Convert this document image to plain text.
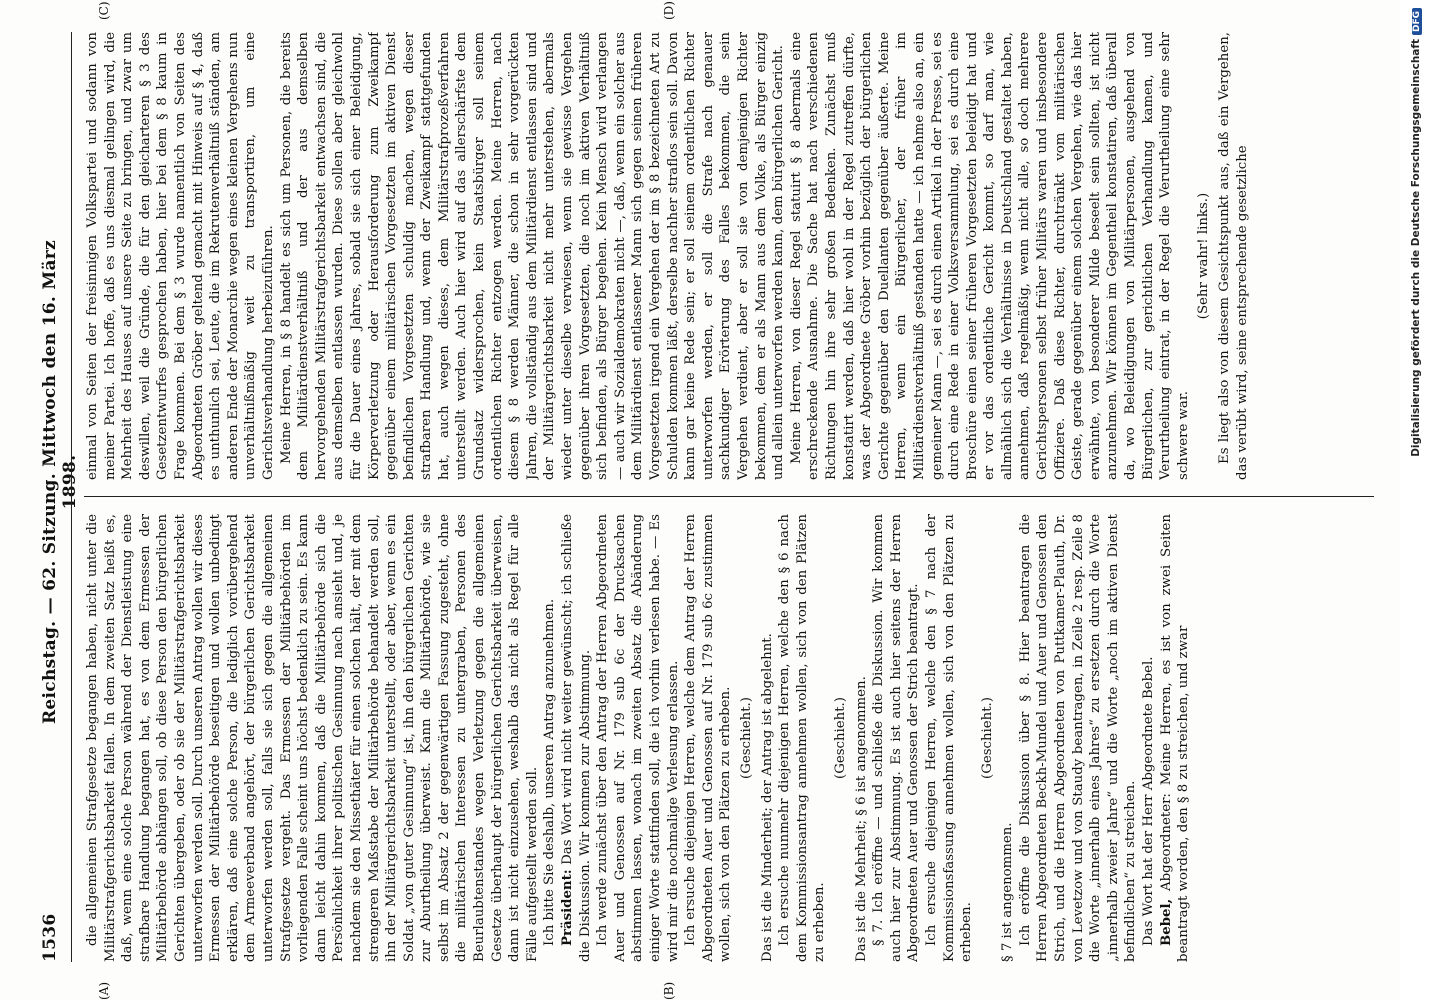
1536
Reichstag. — 62. Sitzung. Mittwoch den 16. März 1898.

die allgemeinen Strafgesetze begangen haben, nicht unter die Militärstrafgerichtsbarkeit fallen. In dem zweiten Satz heißt es, daß, wenn eine solche Person während der Dienstleistung eine strafbare Handlung begangen hat, es von dem Ermessen der Militärbehörde abhängen soll, ob diese Person den bürgerlichen Gerichten übergeben, oder ob sie der Militärstrafgerichtsbarkeit unterworfen werden soll. Durch unseren Antrag wollen wir dieses Ermessen der Militärbehörde beseitigen und wollen unbedingt erklären, daß eine solche Person, die lediglich vorübergehend dem Armeeverband angehört, der bürgerlichen Gerichtsbarkeit unterworfen werden soll, falls sie sich gegen die allgemeinen Strafgesetze vergeht. Das Ermessen der Militärbehörden im vorliegenden Falle scheint uns höchst bedenklich zu sein. Es kann dann leicht dahin kommen, daß die Militärbehörde sich die Persönlichkeit ihrer politischen Gesinnung nach ansieht und, je nachdem sie den Missethäter für einen solchen hält, der mit dem strengeren Maßstabe der Militärbehörde behandelt werden soll, ihn der Militärgerichtsbarkeit unterstellt, oder aber, wenn es ein Soldat „von guter Gesinnung“ ist, ihn den bürgerlichen Gerichten zur Aburtheilung überweist. Kann die Militärbehörde, wie sie selbst im Absatz 2 der gegenwärtigen Fassung zugesteht, ohne die militärischen Interessen zu untergraben, Personen des Beurlaubtenstandes wegen Verletzung gegen die allgemeinen Gesetze überhaupt der bürgerlichen Gerichtsbarkeit überweisen, dann ist nicht einzusehen, weshalb das nicht als Regel für alle Fälle aufgestellt werden soll. Ich bitte Sie deshalb, unseren Antrag anzunehmen. Präsident: Das Wort wird nicht weiter gewünscht; ich schließe die Diskussion. Wir kommen zur Abstimmung. Ich werde zunächst über den Antrag der Herren Abgeordneten Auer und Genossen auf Nr. 179 sub 6c der Drucksachen abstimmen lassen, wonach im zweiten Absatz die Abänderung einiger Worte stattfinden soll, die ich vorhin verlesen habe. — Es wird mir die nochmalige Verlesung erlassen. Ich ersuche diejenigen Herren, welche dem Antrag der Herren Abgeordneten Auer und Genossen auf Nr. 179 sub 6c zustimmen wollen, sich von den Plätzen zu erheben. (Geschieht.) Das ist die Minderheit; der Antrag ist abgelehnt. Ich ersuche nunmehr diejenigen Herren, welche den § 6 nach dem Kommissionsantrag annehmen wollen, sich von den Plätzen zu erheben.

(Geschieht.) Das ist die Mehrheit; § 6 ist angenommen. § 7. Ich eröffne — und schließe die Diskussion. Wir kommen auch hier zur Abstimmung. Es ist auch hier seitens der Herren Abgeordneten Auer und Genossen der Strich beantragt. Ich ersuche diejenigen Herren, welche den § 7 nach der Kommissionsfassung annehmen wollen, sich von den Plätzen zu erheben.

(Geschieht.)

§ 7 ist angenommen. Ich eröffne die Diskussion über § 8. Hier beantragen die Herren Abgeordneten Beckh-Mundel und Auer und Genossen den Strich, und die Herren Abgeordneten von Puttkamer-Plauth, Dr. von Levetzow und von Staudy beantragen, in Zeile 2 resp. Zeile 8 die Worte „innerhalb eines Jahres“ zu ersetzen durch die Worte „innerhalb zweier Jahre“ und die Worte „noch im aktiven Dienst befindlichen“ zu streichen. Das Wort hat der Herr Abgeordnete Bebel. Bebel, Abgeordneter: Meine Herren, es ist von zwei Seiten beantragt worden, den § 8 zu streichen, und zwar

einmal von Seiten der freisinnigen Volkspartei und sodann von meiner Partei. Ich hoffe, daß es uns diesmal gelingen wird, die Mehrheit des Hauses auf unsere Seite zu bringen, und zwar um deswillen, weil die Gründe, die für den gleicharteren § 3 des Gesetzentwurfes gesprochen haben, hier bei dem § 8 kaum in Frage kommen. Bei dem § 3 wurde namentlich von Seiten des Abgeordneten Gröber geltend gemacht mit Hinweis auf § 4, daß es unthunlich sei, Leute, die im Rekrutenverhältniß ständen, am anderen Ende der Monarchie wegen eines kleinen Vergehens nun unverhältnißmäßig weit zu transportiren, um eine Gerichtsverhandlung herbeizuführen. Meine Herren, in § 8 handelt es sich um Personen, die bereits dem Militärdienstverhältniß und der aus demselben hervorgehenden Militärstrafgerichtsbarkeit entwachsen sind, die aus demselben entlassen wurden. Diese sollen aber gleichwohl für die Dauer eines Jahres, sobald sie sich einer Beleidigung, Körperverletzung oder Herausforderung zum Zweikampf gegenüber einem militärischen Vorgesetzten im aktiven Dienst befindlichen Vorgesetzten schuldig machen, wegen dieser strafbaren Handlung und, wenn der Zweikampf stattgefunden hat, auch wegen dieses, dem Militärstrafprozeßverfahren unterstellt werden. Auch hier wird auf das allerschärfste dem Grundsatz widersprochen, kein Staatsbürger soll seinem ordentlichen Richter entzogen werden. Meine Herren, nach diesem § 8 werden Männer, die schon in sehr vorgerückten Jahren, die vollständig aus dem Militärdienst entlassen sind und der Militärgerichtsbarkeit nicht mehr unterstehen, abermals wieder unter dieselbe verwiesen, wenn sie gewisse Vergehen gegenüber ihren Vorgesetzten, die noch im aktiven Verhältniß sich befinden, als Bürger begehen. Kein Mensch wird verlangen — auch wir Sozialdemokraten nicht —, daß, wenn ein solcher aus dem Militärdienst entlassener Mann sich gegen seinen früheren Vorgesetzten irgend ein Vergehen der im § 8 bezeichneten Art zu Schulden kommen läßt, derselbe nachher straflos sein soll. Davon kann gar keine Rede sein; er soll seinem ordentlichen Richter unterworfen werden, er soll die Strafe nach genauer sachkundiger Erörterung des Falles bekommen, die sein Vergehen verdient, aber er soll sie von demjenigen Richter bekommen, dem er als Mann aus dem Volke, als Bürger einzig und allein unterworfen werden kann, dem bürgerlichen Gericht. Meine Herren, von dieser Regel statuirt § 8 abermals eine erschreckende Ausnahme. Die Sache hat nach verschiedenen Richtungen hin ihre sehr großen Bedenken. Zunächst muß konstatirt werden, daß hier wohl in der Regel zutreffen dürfte, was der Abgeordnete Gröber vorhin bezüglich der bürgerlichen Gerichte gegenüber den Duellanten gegenüber äußerte. Meine Herren, wenn ein Bürgerlicher, der früher im Militärdienstverhältniß gestanden hatte — ich nehme also an, ein gemeiner Mann —, sei es durch einen Artikel in der Presse, sei es durch eine Rede in einer Volksversammlung, sei es durch eine Broschüre einen seiner früheren Vorgesetzten beleidigt hat und er vor das ordentliche Gericht kommt, so darf man, wie allmählich sich die Verhältnisse in Deutschland gestaltet haben, annehmen, daß regelmäßig, wenn nicht alle, so doch mehrere Gerichtspersonen selbst früher Militärs waren und insbesondere Offiziere. Daß diese Richter, durchtränkt vom militärischen Geiste, gerade gegenüber einem solchen Vergehen, wie das hier erwähnte, von besonderer Milde beseelt sein sollten, ist nicht anzunehmen. Wir können im Gegentheil konstatiren, daß überall da, wo Beleidigungen von Militärpersonen, ausgehend von Bürgerlichen, zur gerichtlichen Verhandlung kamen, und Verurtheilung eintrat, in der Regel die Verurtheilung eine sehr schwere war.

(Sehr wahr! links.) Es liegt also von diesem Gesichtspunkt aus, daß ein Vergehen, das verübt wird, seine entsprechende gesetzliche

(A)	(B)
(C)	(D)
Digitalisierung gefördert durch die Deutsche ForschungsgemeinschaftDFG
